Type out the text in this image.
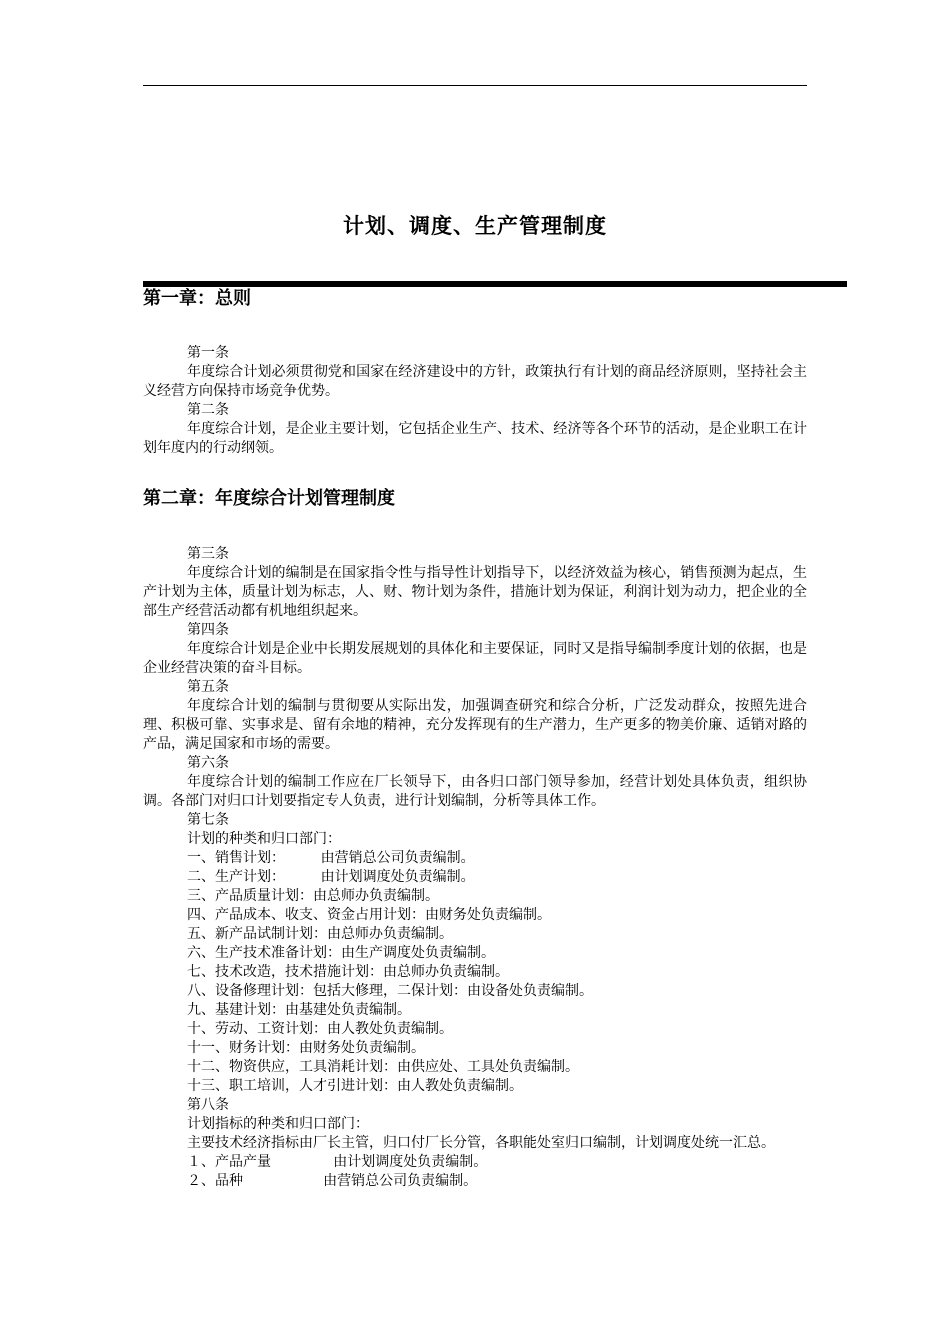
计划、调度、生产管理制度
第一章：总则

第一条

年度综合计划必须贯彻党和国家在经济建设中的方针，政策执行有计划的商品经济原则，坚持社会主义经营方向保持市场竞争优势。

第二条

年度综合计划，是企业主要计划，它包括企业生产、技术、经济等各个环节的活动，是企业职工在计划年度内的行动纲领。

第二章：年度综合计划管理制度

第三条

年度综合计划的编制是在国家指令性与指导性计划指导下，以经济效益为核心，销售预测为起点，生产计划为主体，质量计划为标志，人、财、物计划为条件，措施计划为保证，利润计划为动力，把企业的全部生产经营活动都有机地组织起来。

第四条

年度综合计划是企业中长期发展规划的具体化和主要保证，同时又是指导编制季度计划的依据，也是企业经营决策的奋斗目标。

第五条

年度综合计划的编制与贯彻要从实际出发，加强调查研究和综合分析，广泛发动群众，按照先进合理、积极可靠、实事求是、留有余地的精神，充分发挥现有的生产潜力，生产更多的物美价廉、适销对路的产品，满足国家和市场的需要。

第六条

年度综合计划的编制工作应在厂长领导下，由各归口部门领导参加，经营计划处具体负责，组织协调。各部门对归口计划要指定专人负责，进行计划编制，分析等具体工作。

第七条

计划的种类和归口部门：

一、销售计划：        由营销总公司负责编制。

二、生产计划：        由计划调度处负责编制。

三、产品质量计划：由总师办负责编制。

四、产品成本、收支、资金占用计划：由财务处负责编制。

五、新产品试制计划：由总师办负责编制。

六、生产技术准备计划：由生产调度处负责编制。

七、技术改造，技术措施计划：由总师办负责编制。

八、设备修理计划：包括大修理，二保计划：由设备处负责编制。

九、基建计划：由基建处负责编制。

十、劳动、工资计划：由人教处负责编制。

十一、财务计划：由财务处负责编制。

十二、物资供应，工具消耗计划：由供应处、工具处负责编制。

十三、职工培训，人才引进计划：由人教处负责编制。

第八条

计划指标的种类和归口部门：

主要技术经济指标由厂长主管，归口付厂长分管，各职能处室归口编制，计划调度处统一汇总。

１、产品产量              由计划调度处负责编制。

２、品种                  由营销总公司负责编制。
